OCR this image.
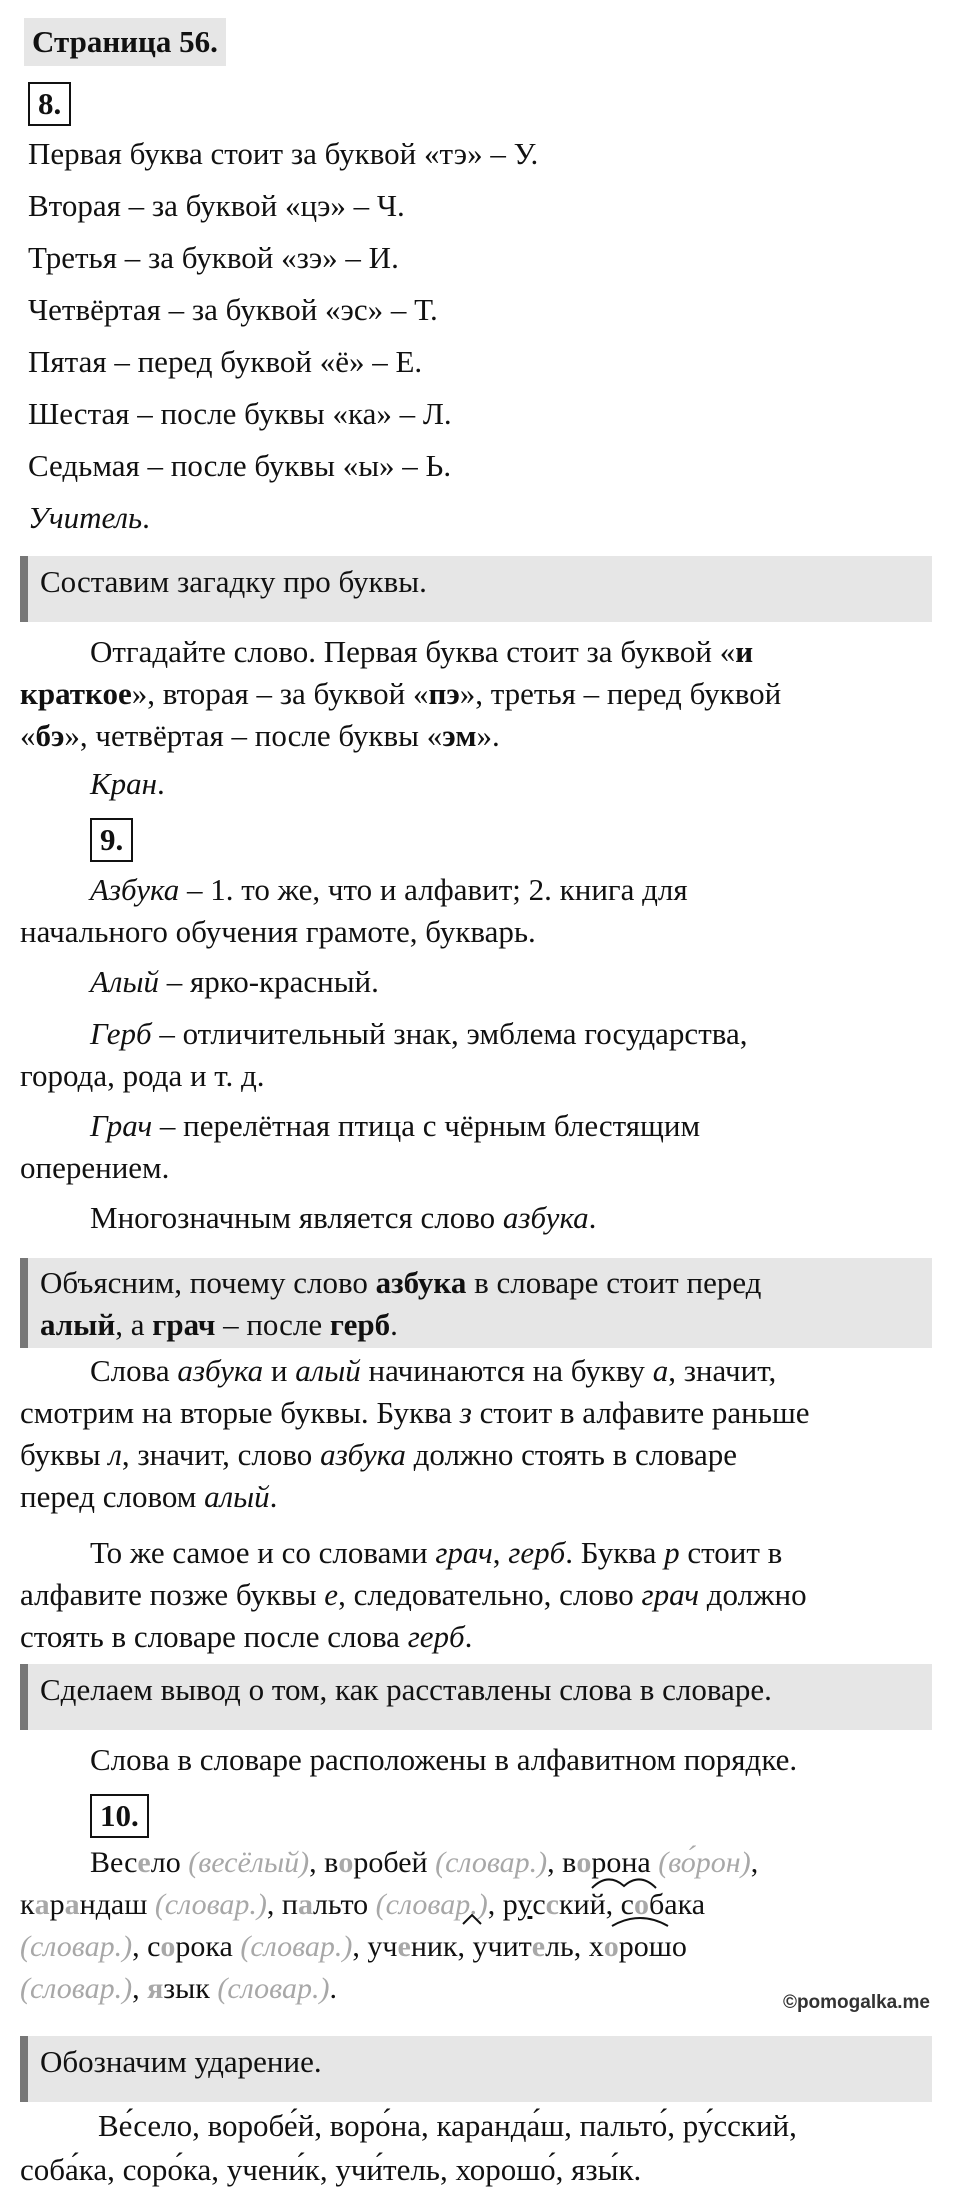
Страница 56.
8.
Первая буква стоит за буквой «тэ» – У.
Вторая – за буквой «цэ» – Ч.
Третья – за буквой «зэ» – И.
Четвёртая – за буквой «эс» – Т.
Пятая – перед буквой «ё» – Е.
Шестая – после буквы «ка» – Л.
Седьмая – после буквы «ы» – Ь.
Учитель.
Составим загадку про буквы.
Отгадайте слово. Первая буква стоит за буквой «и
краткое», вторая – за буквой «пэ», третья – перед буквой
«бэ», четвёртая – после буквы «эм».
Кран.
9.
Азбука – 1. то же, что и алфавит; 2. книга для
начального обучения грамоте, букварь.
Алый – ярко-красный.
Герб – отличительный знак, эмблема государства,
города, рода и т. д.
Грач – перелётная птица с чёрным блестящим
оперением.
Многозначным является слово азбука.
Объясним, почему слово азбука в словаре стоит перед
алый, а грач – после герб.
Слова азбука и алый начинаются на букву а, значит,
смотрим на вторые буквы. Буква з стоит в алфавите раньше
буквы л, значит, слово азбука должно стоять в словаре
перед словом алый.
То же самое и со словами грач, герб. Буква р стоит в
алфавите позже буквы е, следовательно, слово грач должно
стоять в словаре после слова герб.
Сделаем вывод о том, как расставлены слова в словаре.
Слова в словаре расположены в алфавитном порядке.
10.
Весело (весёлый), воробей (словар.), ворона (во́рон),
карандаш (словар.), пальто (словар.), русский, собака
(словар.), сорока (словар.), ученик, учитель, хорошо
(словар.), язык (словар.).	©pomogalka.me
Обозначим ударение.
Ве́село, воробе́й, воро́на, каранда́ш, пальто́, ру́сский,
соба́ка, соро́ка, учени́к, учи́тель, хорошо́, язы́к.
